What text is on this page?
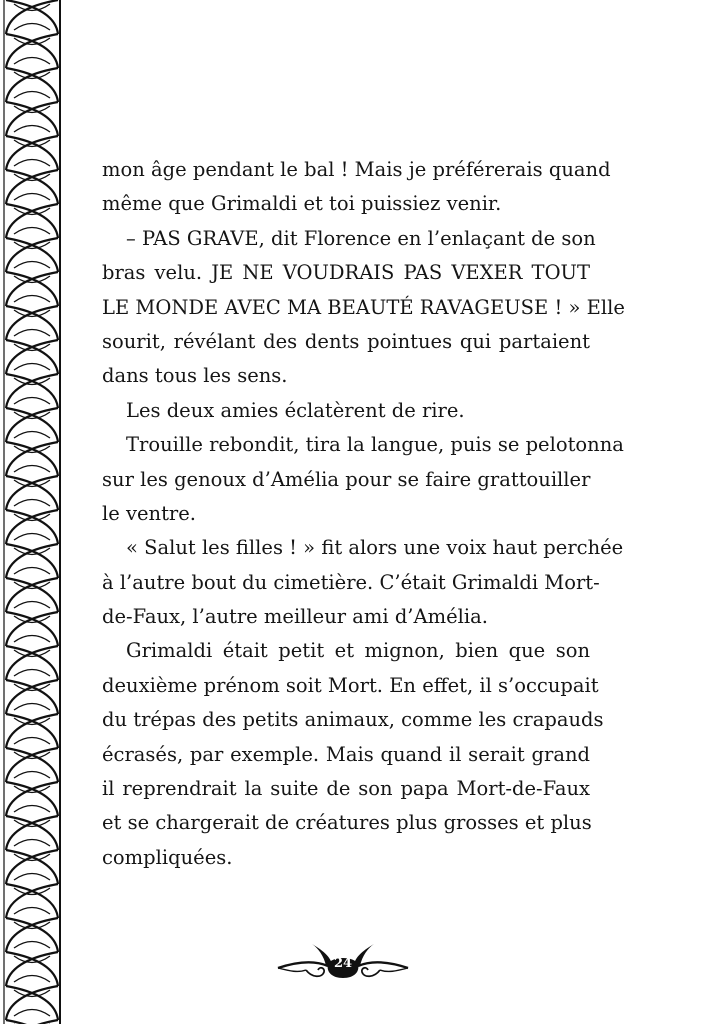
mon âge pendant le bal ! Mais je préférerais quand
même que Grimaldi et toi puissiez venir.
– PAS GRAVE, dit Florence en l’enlaçant de son
bras velu. JE NE VOUDRAIS PAS VEXER TOUT
LE MONDE AVEC MA BEAUTÉ RAVAGEUSE ! » Elle
sourit, révélant des dents pointues qui partaient
dans tous les sens.
Les deux amies éclatèrent de rire.
Trouille rebondit, tira la langue, puis se pelotonna
sur les genoux d’Amélia pour se faire grattouiller
le ventre.
« Salut les filles ! » fit alors une voix haut perchée
à l’autre bout du cimetière. C’était Grimaldi Mort-
de-Faux, l’autre meilleur ami d’Amélia.
Grimaldi était petit et mignon, bien que son
deuxième prénom soit Mort. En effet, il s’occupait
du trépas des petits animaux, comme les crapauds
écrasés, par exemple. Mais quand il serait grand
il reprendrait la suite de son papa Mort-de-Faux
et se chargerait de créatures plus grosses et plus
compliquées.
24
